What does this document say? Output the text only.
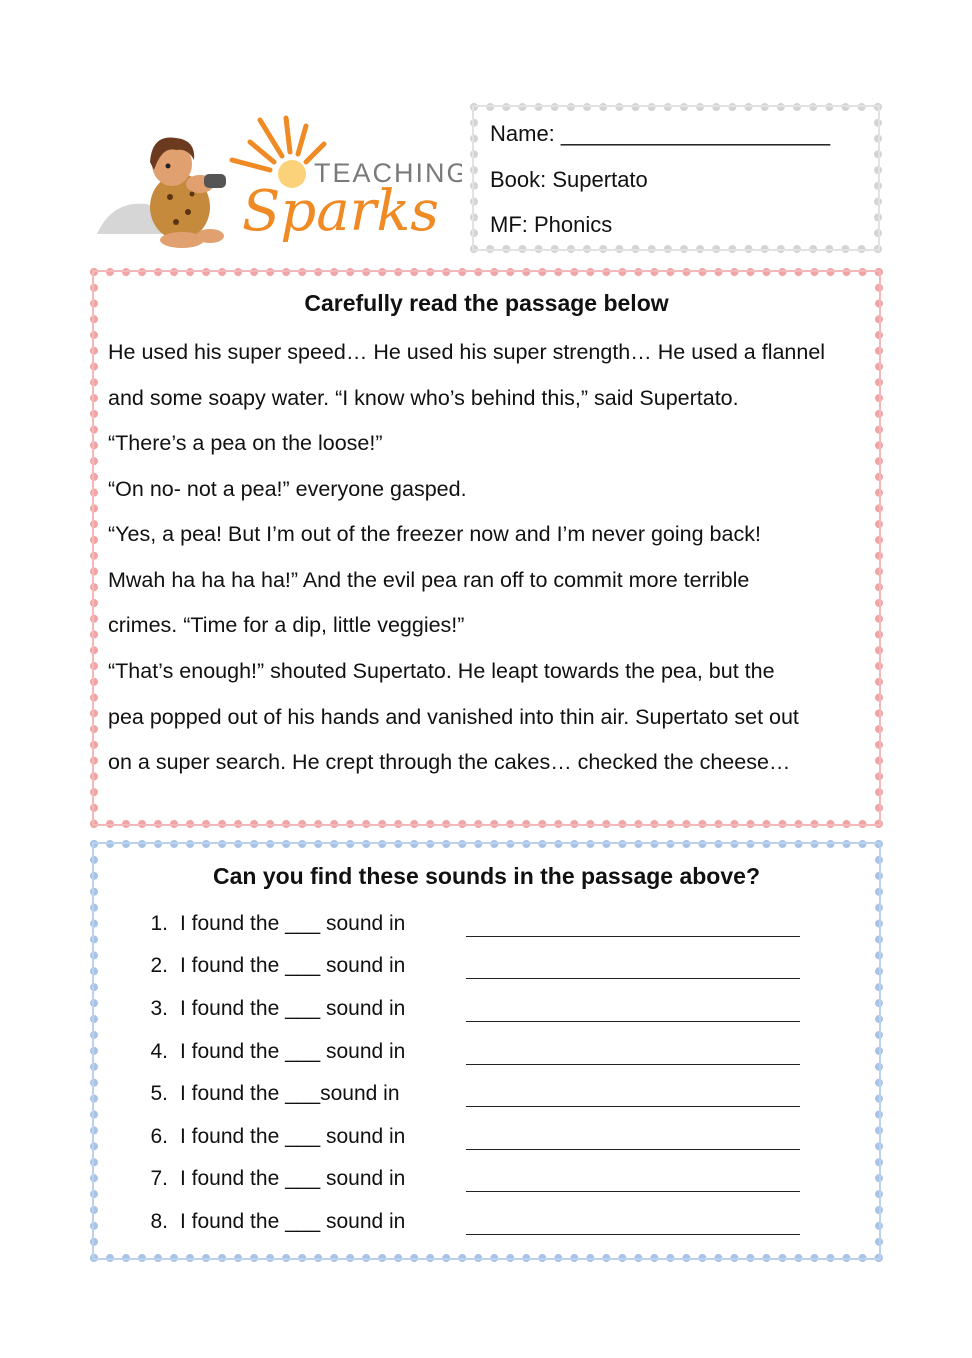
TEACHING
Sparks
Name: ______________________
Book: Supertato
MF: Phonics
Carefully read the passage below
He used his super speed… He used his super strength… He used a flannel
and some soapy water. “I know who’s behind this,” said Supertato.
“There’s a pea on the loose!”
“On no- not a pea!” everyone gasped.
“Yes, a pea! But I’m out of the freezer now and I’m never going back!
Mwah ha ha ha ha!” And the evil pea ran off to commit more terrible
crimes. “Time for a dip, little veggies!”
“That’s enough!” shouted Supertato. He leapt towards the pea, but the
pea popped out of his hands and vanished into thin air. Supertato set out
on a super search. He crept through the cakes… checked the cheese…
Can you find these sounds in the passage above?
1. I found the ___ sound in
2. I found the ___ sound in
3. I found the ___ sound in
4. I found the ___ sound in
5. I found the ___sound in
6. I found the ___ sound in
7. I found the ___ sound in
8. I found the ___ sound in
